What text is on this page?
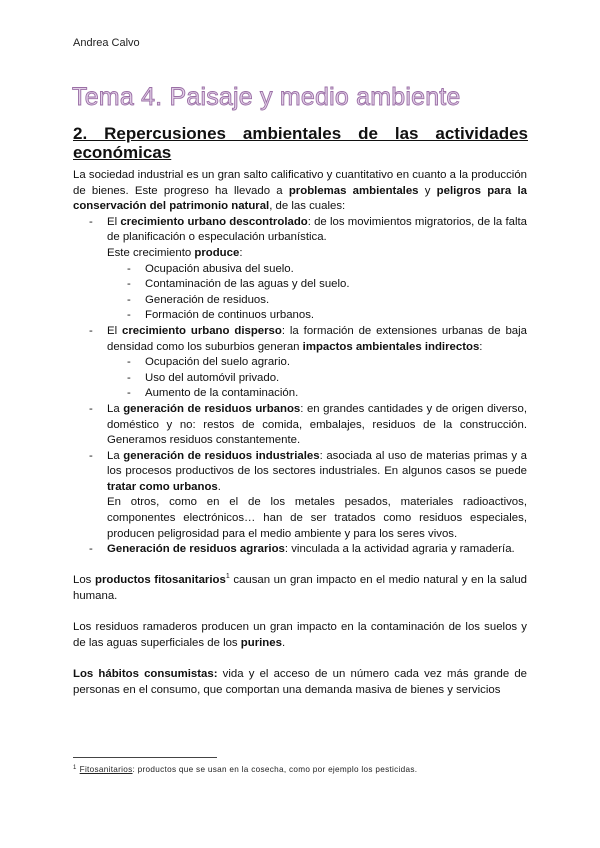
Andrea Calvo
Tema 4. Paisaje y medio ambiente
2. Repercusiones ambientales de las actividades
económicas

La sociedad industrial es un gran salto calificativo y cuantitativo en cuanto a la producción de bienes. Este progreso ha llevado a problemas ambientales y peligros para la conservación del patrimonio natural, de las cuales:

- El crecimiento urbano descontrolado: de los movimientos migratorios, de la falta de planificación o especulación urbanística.
Este crecimiento produce:
- Ocupación abusiva del suelo.
- Contaminación de las aguas y del suelo.
- Generación de residuos.
- Formación de continuos urbanos.
- El crecimiento urbano disperso: la formación de extensiones urbanas de baja densidad como los suburbios generan impactos ambientales indirectos:
- Ocupación del suelo agrario.
- Uso del automóvil privado.
- Aumento de la contaminación.
- La generación de residuos urbanos: en grandes cantidades y de origen diverso, doméstico y no: restos de comida, embalajes, residuos de la construcción. Generamos residuos constantemente.
- La generación de residuos industriales: asociada al uso de materias primas y a los procesos productivos de los sectores industriales. En algunos casos se puede tratar como urbanos.
En otros, como en el de los metales pesados, materiales radioactivos, componentes electrónicos… han de ser tratados como residuos especiales, producen peligrosidad para el medio ambiente y para los seres vivos.
- Generación de residuos agrarios: vinculada a la actividad agraria y ramadería.

Los productos fitosanitarios$^1$ causan un gran impacto en el medio natural y en la salud humana.

Los residuos ramaderos producen un gran impacto en la contaminación de los suelos y de las aguas superficiales de los purines.

Los hábitos consumistas: vida y el acceso de un número cada vez más grande de personas en el consumo, que comportan una demanda masiva de bienes y servicios

$^1$ Fitosanitarios: productos que se usan en la cosecha, como por ejemplo los pesticidas.
